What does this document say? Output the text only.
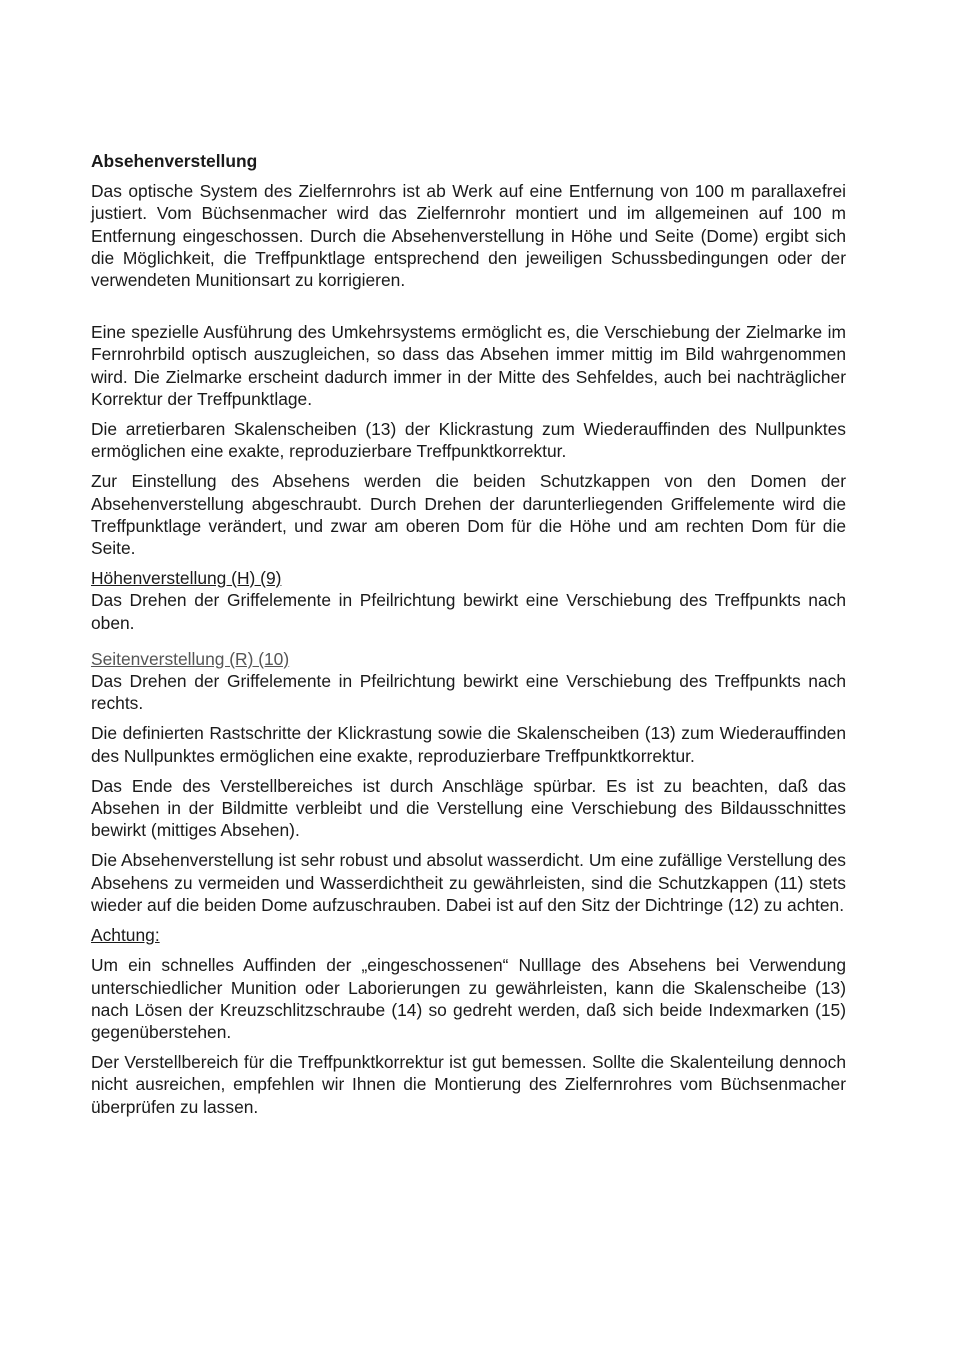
Absehenverstellung

Das optische System des Zielfernrohrs ist ab Werk auf eine Entfernung von 100 m parallaxefrei justiert. Vom Büchsenmacher wird das Zielfernrohr montiert und im allgemeinen auf 100 m Entfernung eingeschossen. Durch die Absehenverstellung in Höhe und Seite (Dome) ergibt sich die Möglichkeit, die Treffpunktlage entsprechend den jeweiligen Schussbedingungen oder der verwendeten Munitionsart zu korrigieren.

Eine spezielle Ausführung des Umkehrsystems ermöglicht es, die Verschiebung der Zielmarke im Fernrohrbild optisch auszugleichen, so dass das Absehen immer mittig im Bild wahrgenommen wird. Die Zielmarke erscheint dadurch immer in der Mitte des Sehfeldes, auch bei nachträglicher Korrektur der Treffpunktlage.

Die arretierbaren Skalenscheiben (13) der Klickrastung zum Wiederauffinden des Nullpunktes ermöglichen eine exakte, reproduzierbare Treffpunktkorrektur.

Zur Einstellung des Absehens werden die beiden Schutzkappen von den Domen der Absehenverstellung abgeschraubt. Durch Drehen der darunterliegenden Griffelemente wird die Treffpunktlage verändert, und zwar am oberen Dom für die Höhe und am rechten Dom für die Seite.

Höhenverstellung (H) (9)

Das Drehen der Griffelemente in Pfeilrichtung bewirkt eine Verschiebung des Treffpunkts nach oben.

Seitenverstellung (R) (10)

Das Drehen der Griffelemente in Pfeilrichtung bewirkt eine Verschiebung des Treffpunkts nach rechts.

Die definierten Rastschritte der Klickrastung sowie die Skalenscheiben (13) zum Wiederauffinden des Nullpunktes ermöglichen eine exakte, reproduzierbare Treffpunktkorrektur.

Das Ende des Verstellbereiches ist durch Anschläge spürbar. Es ist zu beachten, daß das Absehen in der Bildmitte verbleibt und die Verstellung eine Verschiebung des Bildausschnittes bewirkt (mittiges Absehen).

Die Absehenverstellung ist sehr robust und absolut wasserdicht. Um eine zufällige Verstellung des Absehens zu vermeiden und Wasserdichtheit zu gewährleisten, sind die Schutzkappen (11) stets wieder auf die beiden Dome aufzuschrauben. Dabei ist auf den Sitz der Dichtringe (12) zu achten.

Achtung:

Um ein schnelles Auffinden der „eingeschossenen“ Nulllage des Absehens bei Verwendung unterschiedlicher Munition oder Laborierungen zu gewährleisten, kann die Skalenscheibe (13) nach Lösen der Kreuzschlitzschraube (14) so gedreht werden, daß sich beide Indexmarken (15) gegenüberstehen.

Der Verstellbereich für die Treffpunktkorrektur ist gut bemessen. Sollte die Skalenteilung dennoch nicht ausreichen, empfehlen wir Ihnen die Montierung des Zielfernrohres vom Büchsenmacher überprüfen zu lassen.
